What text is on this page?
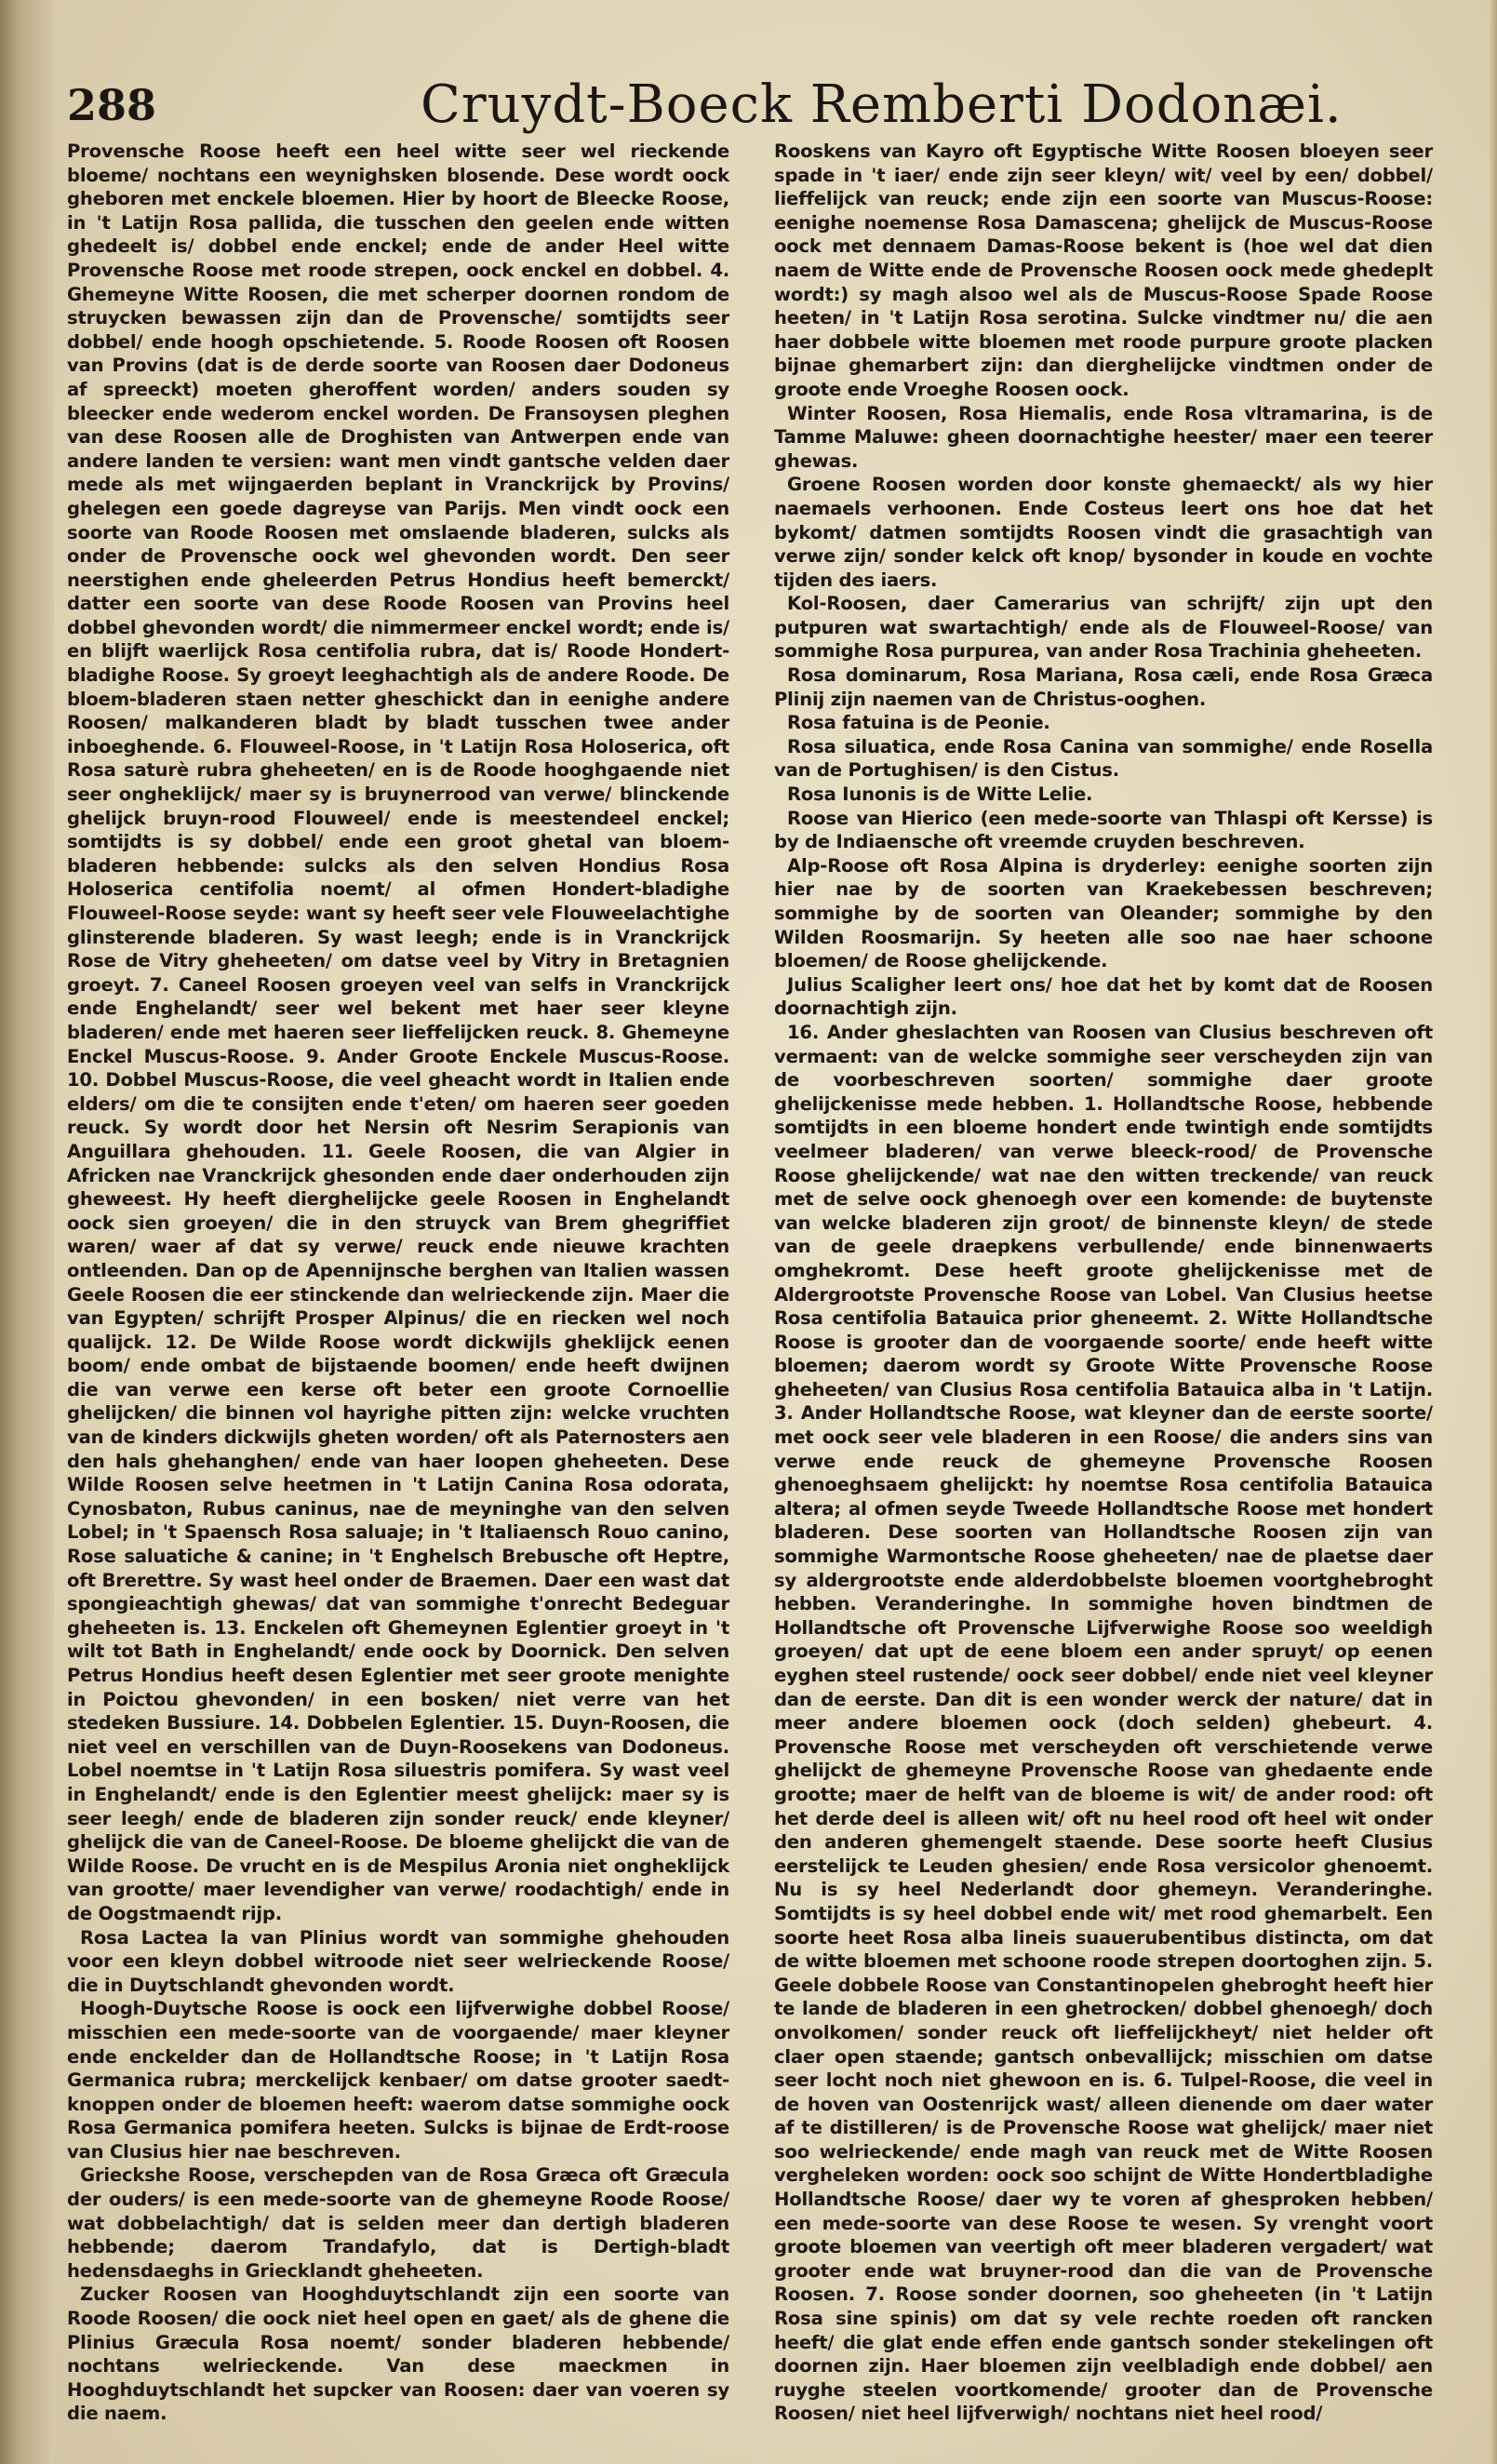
288	Cruydt-Boeck Remberti Dodonæi.

Provensche Roose heeft een heel witte seer wel rieckende bloeme/ nochtans een weynighsken blosende. Dese wordt oock gheboren met enckele bloemen. Hier by hoort de Bleecke Roose, in 't Latijn Rosa pallida, die tusschen den geelen ende witten ghedeelt is/ dobbel ende enckel; ende de ander Heel witte Provensche Roose met roode strepen, oock enckel en dobbel. 4. Ghemeyne Witte Roosen, die met scherper doornen rondom de struycken bewassen zijn dan de Provensche/ somtijdts seer dobbel/ ende hoogh opschietende. 5. Roode Roosen oft Roosen van Provins (dat is de derde soorte van Roosen daer Dodoneus af spreeckt) moeten gheroffent worden/ anders souden sy bleecker ende wederom enckel worden. De Fransoysen pleghen van dese Roosen alle de Droghisten van Antwerpen ende van andere landen te versien: want men vindt gantsche velden daer mede als met wijngaerden beplant in Vranckrijck by Provins/ ghelegen een goede dagreyse van Parijs. Men vindt oock een soorte van Roode Roosen met omslaende bladeren, sulcks als onder de Provensche oock wel ghevonden wordt. Den seer neerstighen ende gheleerden Petrus Hondius heeft bemerckt/ datter een soorte van dese Roode Roosen van Provins heel dobbel ghevonden wordt/ die nimmermeer enckel wordt; ende is/ en blijft waerlijck Rosa centifolia rubra, dat is/ Roode Hondert-bladighe Roose. Sy groeyt leeghachtigh als de andere Roode. De bloem-bladeren staen netter gheschickt dan in eenighe andere Roosen/ malkanderen bladt by bladt tusschen twee ander inboeghende. 6. Flouweel-Roose, in 't Latijn Rosa Holoserica, oft Rosa saturè rubra gheheeten/ en is de Roode hooghgaende niet seer ongheklijck/ maer sy is bruynerrood van verwe/ blinckende ghelijck bruyn-rood Flouweel/ ende is meestendeel enckel; somtijdts is sy dobbel/ ende een groot ghetal van bloem-bladeren hebbende: sulcks als den selven Hondius Rosa Holoserica centifolia noemt/ al ofmen Hondert-bladighe Flouweel-Roose seyde: want sy heeft seer vele Flouweelachtighe glinsterende bladeren. Sy wast leegh; ende is in Vranckrijck Rose de Vitry gheheeten/ om datse veel by Vitry in Bretagnien groeyt. 7. Caneel Roosen groeyen veel van selfs in Vranckrijck ende Enghelandt/ seer wel bekent met haer seer kleyne bladeren/ ende met haeren seer lieffelijcken reuck. 8. Ghemeyne Enckel Muscus-Roose. 9. Ander Groote Enckele Muscus-Roose. 10. Dobbel Muscus-Roose, die veel gheacht wordt in Italien ende elders/ om die te consijten ende t'eten/ om haeren seer goeden reuck. Sy wordt door het Nersin oft Nesrim Serapionis van Anguillara ghehouden. 11. Geele Roosen, die van Algier in Africken nae Vranckrijck ghesonden ende daer onderhouden zijn gheweest. Hy heeft dierghelijcke geele Roosen in Enghelandt oock sien groeyen/ die in den struyck van Brem ghegriffiet waren/ waer af dat sy verwe/ reuck ende nieuwe krachten ontleenden. Dan op de Apennijnsche berghen van Italien wassen Geele Roosen die eer stinckende dan welrieckende zijn. Maer die van Egypten/ schrijft Prosper Alpinus/ die en riecken wel noch qualijck. 12. De Wilde Roose wordt dickwijls gheklijck eenen boom/ ende ombat de bijstaende boomen/ ende heeft dwijnen die van verwe een kerse oft beter een groote Cornoellie ghelijcken/ die binnen vol hayrighe pitten zijn: welcke vruchten van de kinders dickwijls gheten worden/ oft als Paternosters aen den hals ghehanghen/ ende van haer loopen gheheeten. Dese Wilde Roosen selve heetmen in 't Latijn Canina Rosa odorata, Cynosbaton, Rubus caninus, nae de meyninghe van den selven Lobel; in 't Spaensch Rosa saluaje; in 't Italiaensch Rouo canino, Rose saluatiche & canine; in 't Enghelsch Brebusche oft Heptre, oft Brerettre. Sy wast heel onder de Braemen. Daer een wast dat spongieachtigh ghewas/ dat van sommighe t'onrecht Bedeguar gheheeten is. 13. Enckelen oft Ghemeynen Eglentier groeyt in 't wilt tot Bath in Enghelandt/ ende oock by Doornick. Den selven Petrus Hondius heeft desen Eglentier met seer groote menighte in Poictou ghevonden/ in een bosken/ niet verre van het stedeken Bussiure. 14. Dobbelen Eglentier. 15. Duyn-Roosen, die niet veel en verschillen van de Duyn-Roosekens van Dodoneus. Lobel noemtse in 't Latijn Rosa siluestris pomifera. Sy wast veel in Enghelandt/ ende is den Eglentier meest ghelijck: maer sy is seer leegh/ ende de bladeren zijn sonder reuck/ ende kleyner/ ghelijck die van de Caneel-Roose. De bloeme ghelijckt die van de Wilde Roose. De vrucht en is de Mespilus Aronia niet ongheklijck van grootte/ maer levendigher van verwe/ roodachtigh/ ende in de Oogstmaendt rijp.

Rosa Lactea la van Plinius wordt van sommighe ghehouden voor een kleyn dobbel witroode niet seer welrieckende Roose/ die in Duytschlandt ghevonden wordt.

Hoogh-Duytsche Roose is oock een lijfverwighe dobbel Roose/ misschien een mede-soorte van de voorgaende/ maer kleyner ende enckelder dan de Hollandtsche Roose; in 't Latijn Rosa Germanica rubra; merckelijck kenbaer/ om datse grooter saedt-knoppen onder de bloemen heeft: waerom datse sommighe oock Rosa Germanica pomifera heeten. Sulcks is bijnae de Erdt-roose van Clusius hier nae beschreven.

Grieckshe Roose, verschepden van de Rosa Græca oft Græcula der ouders/ is een mede-soorte van de ghemeyne Roode Roose/ wat dobbelachtigh/ dat is selden meer dan dertigh bladeren hebbende; daerom Trandafylo, dat is Dertigh-bladt hedensdaeghs in Griecklandt gheheeten.

Zucker Roosen van Hooghduytschlandt zijn een soorte van Roode Roosen/ die oock niet heel open en gaet/ als de ghene die Plinius Græcula Rosa noemt/ sonder bladeren hebbende/ nochtans welrieckende. Van dese maeckmen in Hooghduytschlandt het supcker van Roosen: daer van voeren sy die naem.

Rooskens van Kayro oft Egyptische Witte Roosen bloeyen seer spade in 't iaer/ ende zijn seer kleyn/ wit/ veel by een/ dobbel/ lieffelijck van reuck; ende zijn een soorte van Muscus-Roose: eenighe noemense Rosa Damascena; ghelijck de Muscus-Roose oock met dennaem Damas-Roose bekent is (hoe wel dat dien naem de Witte ende de Provensche Roosen oock mede ghedeplt wordt:) sy magh alsoo wel als de Muscus-Roose Spade Roose heeten/ in 't Latijn Rosa serotina. Sulcke vindtmer nu/ die aen haer dobbele witte bloemen met roode purpure groote placken bijnae ghemarbert zijn: dan dierghelijcke vindtmen onder de groote ende Vroeghe Roosen oock.

Winter Roosen, Rosa Hiemalis, ende Rosa vltramarina, is de Tamme Maluwe: gheen doornachtighe heester/ maer een teerer ghewas.

Groene Roosen worden door konste ghemaeckt/ als wy hier naemaels verhoonen. Ende Costeus leert ons hoe dat het bykomt/ datmen somtijdts Roosen vindt die grasachtigh van verwe zijn/ sonder kelck oft knop/ bysonder in koude en vochte tijden des iaers.

Kol-Roosen, daer Camerarius van schrijft/ zijn upt den putpuren wat swartachtigh/ ende als de Flouweel-Roose/ van sommighe Rosa purpurea, van ander Rosa Trachinia gheheeten.

Rosa dominarum, Rosa Mariana, Rosa cæli, ende Rosa Græca Plinij zijn naemen van de Christus-ooghen.

Rosa fatuina is de Peonie.

Rosa siluatica, ende Rosa Canina van sommighe/ ende Rosella van de Portughisen/ is den Cistus.

Rosa Iunonis is de Witte Lelie.

Roose van Hierico (een mede-soorte van Thlaspi oft Kersse) is by de Indiaensche oft vreemde cruyden beschreven.

Alp-Roose oft Rosa Alpina is dryderley: eenighe soorten zijn hier nae by de soorten van Kraekebessen beschreven; sommighe by de soorten van Oleander; sommighe by den Wilden Roosmarijn. Sy heeten alle soo nae haer schoone bloemen/ de Roose ghelijckende.

Julius Scaligher leert ons/ hoe dat het by komt dat de Roosen doornachtigh zijn.

16. Ander gheslachten van Roosen van Clusius beschreven oft vermaent: van de welcke sommighe seer verscheyden zijn van de voorbeschreven soorten/ sommighe daer groote ghelijckenisse mede hebben. 1. Hollandtsche Roose, hebbende somtijdts in een bloeme hondert ende twintigh ende somtijdts veelmeer bladeren/ van verwe bleeck-rood/ de Provensche Roose ghelijckende/ wat nae den witten treckende/ van reuck met de selve oock ghenoegh over een komende: de buytenste van welcke bladeren zijn groot/ de binnenste kleyn/ de stede van de geele draepkens verbullende/ ende binnenwaerts omghekromt. Dese heeft groote ghelijckenisse met de Aldergrootste Provensche Roose van Lobel. Van Clusius heetse Rosa centifolia Batauica prior gheneemt. 2. Witte Hollandtsche Roose is grooter dan de voorgaende soorte/ ende heeft witte bloemen; daerom wordt sy Groote Witte Provensche Roose gheheeten/ van Clusius Rosa centifolia Batauica alba in 't Latijn. 3. Ander Hollandtsche Roose, wat kleyner dan de eerste soorte/ met oock seer vele bladeren in een Roose/ die anders sins van verwe ende reuck de ghemeyne Provensche Roosen ghenoeghsaem ghelijckt: hy noemtse Rosa centifolia Batauica altera; al ofmen seyde Tweede Hollandtsche Roose met hondert bladeren. Dese soorten van Hollandtsche Roosen zijn van sommighe Warmontsche Roose gheheeten/ nae de plaetse daer sy aldergrootste ende alderdobbelste bloemen voortghebroght hebben. Veranderinghe. In sommighe hoven bindtmen de Hollandtsche oft Provensche Lijfverwighe Roose soo weeldigh groeyen/ dat upt de eene bloem een ander spruyt/ op eenen eyghen steel rustende/ oock seer dobbel/ ende niet veel kleyner dan de eerste. Dan dit is een wonder werck der nature/ dat in meer andere bloemen oock (doch selden) ghebeurt. 4. Provensche Roose met verscheyden oft verschietende verwe ghelijckt de ghemeyne Provensche Roose van ghedaente ende grootte; maer de helft van de bloeme is wit/ de ander rood: oft het derde deel is alleen wit/ oft nu heel rood oft heel wit onder den anderen ghemengelt staende. Dese soorte heeft Clusius eerstelijck te Leuden ghesien/ ende Rosa versicolor ghenoemt. Nu is sy heel Nederlandt door ghemeyn. Veranderinghe. Somtijdts is sy heel dobbel ende wit/ met rood ghemarbelt. Een soorte heet Rosa alba lineis suauerubentibus distincta, om dat de witte bloemen met schoone roode strepen doortoghen zijn. 5. Geele dobbele Roose van Constantinopelen ghebroght heeft hier te lande de bladeren in een ghetrocken/ dobbel ghenoegh/ doch onvolkomen/ sonder reuck oft lieffelijckheyt/ niet helder oft claer open staende; gantsch onbevallijck; misschien om datse seer locht noch niet ghewoon en is. 6. Tulpel-Roose, die veel in de hoven van Oostenrijck wast/ alleen dienende om daer water af te distilleren/ is de Provensche Roose wat ghelijck/ maer niet soo welrieckende/ ende magh van reuck met de Witte Roosen vergheleken worden: oock soo schijnt de Witte Hondertbladighe Hollandtsche Roose/ daer wy te voren af ghesproken hebben/ een mede-soorte van dese Roose te wesen. Sy vrenght voort groote bloemen van veertigh oft meer bladeren vergadert/ wat grooter ende wat bruyner-rood dan die van de Provensche Roosen. 7. Roose sonder doornen, soo gheheeten (in 't Latijn Rosa sine spinis) om dat sy vele rechte roeden oft rancken heeft/ die glat ende effen ende gantsch sonder stekelingen oft doornen zijn. Haer bloemen zijn veelbladigh ende dobbel/ aen ruyghe steelen voortkomende/ grooter dan de Provensche Roosen/ niet heel lijfverwigh/ nochtans niet heel rood/
